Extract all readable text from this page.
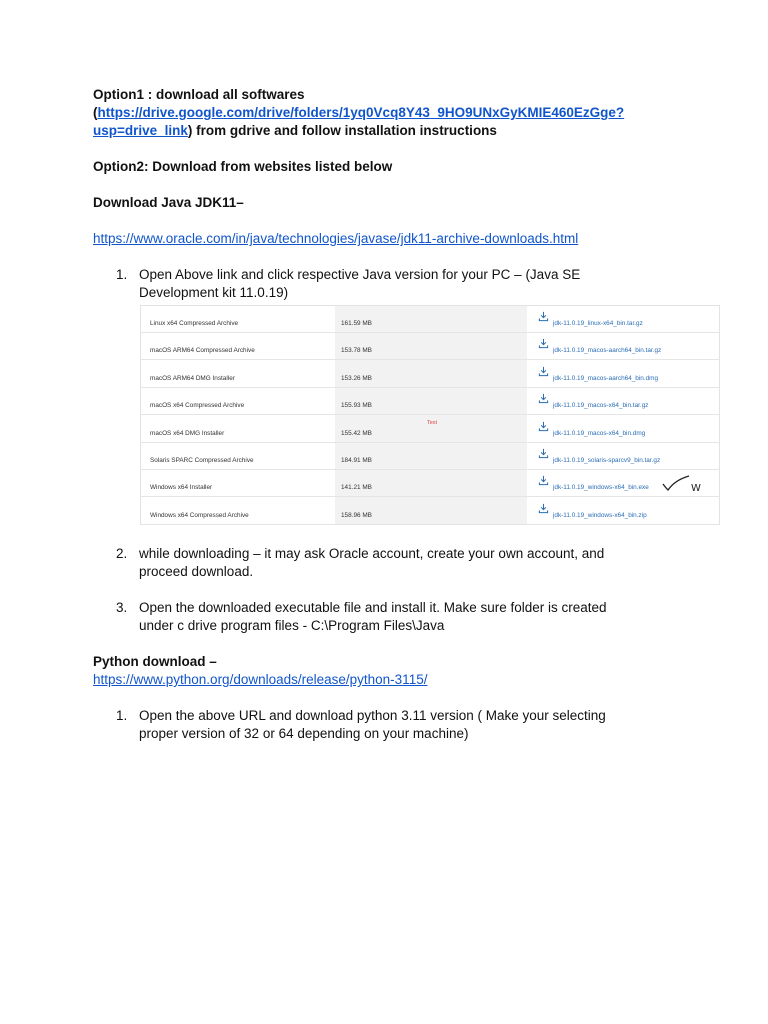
Option1 : download all softwares
(https://drive.google.com/drive/folders/1yq0Vcq8Y43_9HO9UNxGyKMIE460EzGge?
usp=drive_link) from gdrive and follow installation instructions
Option2: Download from websites listed below
Download Java JDK11–
https://www.oracle.com/in/java/technologies/javase/jdk11-archive-downloads.html
1. Open Above link and click respective Java version for your PC – (Java SE
Development kit 11.0.19)
Linux x64 Compressed Archive	161.59 MB	jdk-11.0.19_linux-x64_bin.tar.gz
macOS ARM64 Compressed Archive	153.78 MB	jdk-11.0.19_macos-aarch64_bin.tar.gz
macOS ARM64 DMG Installer	153.26 MB	jdk-11.0.19_macos-aarch64_bin.dmg
macOS x64 Compressed Archive	155.93 MB	jdk-11.0.19_macos-x64_bin.tar.gz
macOS x64 DMG Installer	155.42 MB	jdk-11.0.19_macos-x64_bin.dmg
Solaris SPARC Compressed Archive	184.91 MB	jdk-11.0.19_solaris-sparcv9_bin.tar.gz
Windows x64 Installer	141.21 MB	jdk-11.0.19_windows-x64_bin.exe
Windows x64 Compressed Archive	158.96 MB	jdk-11.0.19_windows-x64_bin.zip
Text
W
2. while downloading – it may ask Oracle account, create your own account, and
proceed download.
3. Open the downloaded executable file and install it. Make sure folder is created
under c drive program files - C:\Program Files\Java
Python download –
https://www.python.org/downloads/release/python-3115/
1. Open the above URL and download python 3.11 version ( Make your selecting
proper version of 32 or 64 depending on your machine)
